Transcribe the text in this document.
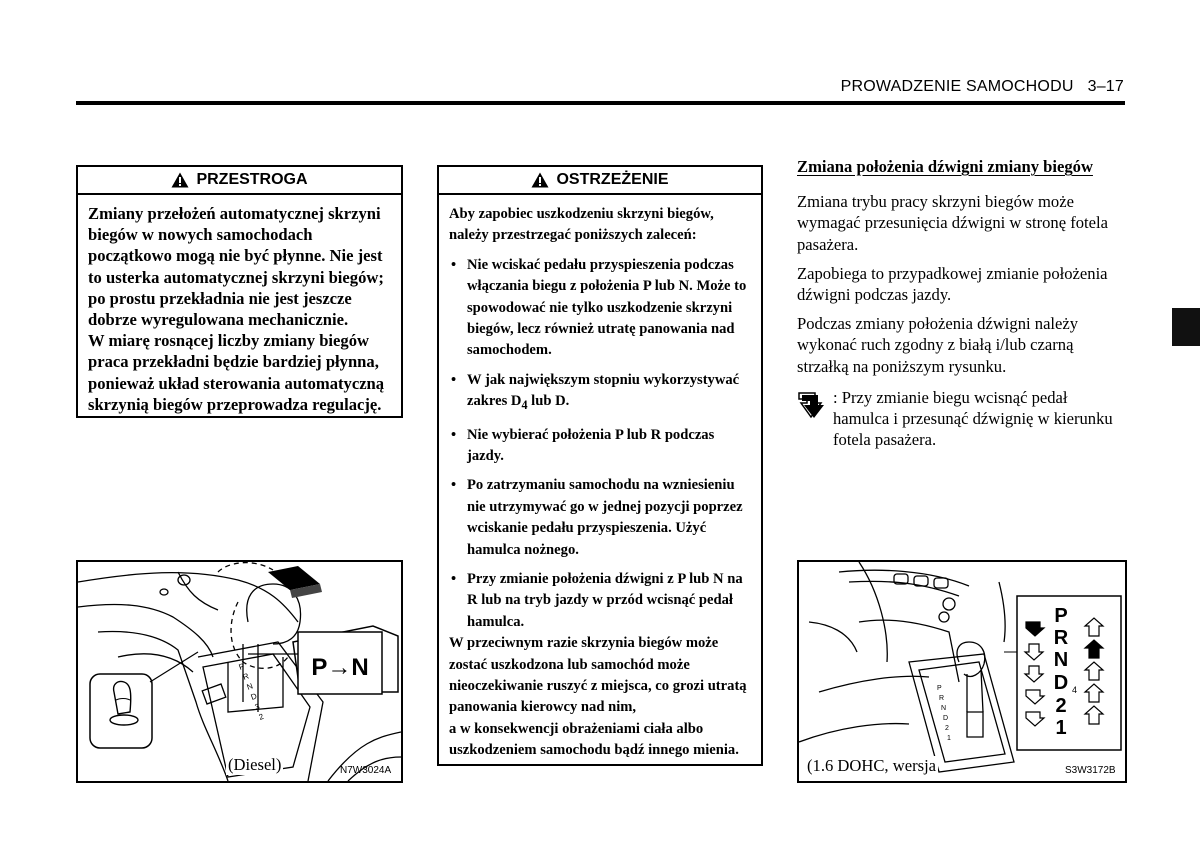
PROWADZENIE SAMOCHODU 3–17
PRZESTROGA
Zmiany przełożeń automatycznej skrzyni biegów w nowych samochodach początkowo mogą nie być płynne. Nie jest to usterka automatycznej skrzyni biegów; po prostu przekładnia nie jest jeszcze dobrze wyregulowana mechanicznie.
W miarę rosnącej liczby zmiany biegów praca przekładni będzie bardziej płynna, ponieważ układ sterowania automatyczną skrzynią biegów przeprowadza regulację.
OSTRZEŻENIE

Aby zapobiec uszkodzeniu skrzyni biegów, należy przestrzegać poniższych zaleceń:

• Nie wciskać pedału przyspieszenia podczas włączania biegu z położenia P lub N. Może to spowodować nie tylko uszkodzenie skrzyni biegów, lecz również utratę panowania nad samochodem.
• W jak największym stopniu wykorzystywać zakres $D_4$ lub D.
• Nie wybierać położenia P lub R podczas jazdy.
• Po zatrzymaniu samochodu na wzniesieniu nie utrzymywać go w jednej pozycji poprzez wciskanie pedału przyspieszenia. Użyć hamulca nożnego.
• Przy zmianie położenia dźwigni z P lub N na R lub na tryb jazdy w przód wcisnąć pedał hamulca.

W przeciwnym razie skrzynia biegów może zostać uszkodzona lub samochód może nieoczekiwanie ruszyć z miejsca, co grozi utratą panowania kierowcy nad nim,

a w konsekwencji obrażeniami ciała albo uszkodzeniem samochodu bądź innego mienia.

Zmiana położenia dźwigni zmiany biegów

Zmiana trybu pracy skrzyni biegów może wymagać przesunięcia dźwigni w stronę fotela pasażera.

Zapobiega to przypadkowej zmianie położenia dźwigni podczas jazdy.

Podczas zmiany położenia dźwigni należy wykonać ruch zgodny z białą i/lub czarną strzałką na poniższym rysunku.

: Przy zmianie biegu wcisnąć pedał hamulca i przesunąć dźwignię w kierunku fotela pasażera.
P
R
N
D
3
2
P→N
(Diesel)	N7W3024A
P
R
N
D
2
1
P
R
N
D
2
1
4
(1.6 DOHC, wersja	S3W3172B
